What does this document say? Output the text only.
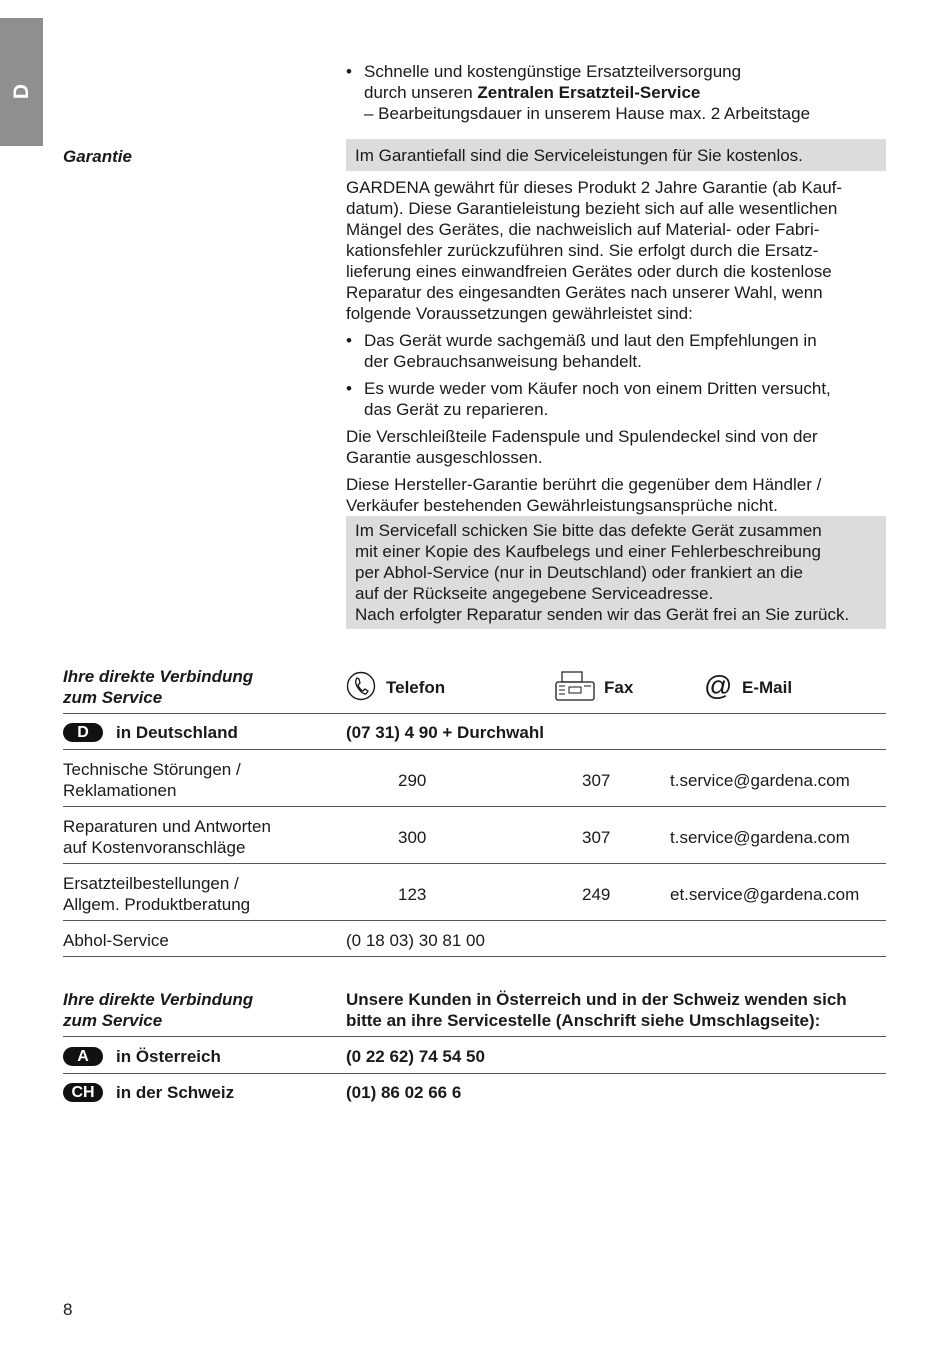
D
• Schnelle und kostengünstige Ersatzteilversorgung
durch unseren Zentralen Ersatzteil-Service
– Bearbeitungsdauer in unserem Hause max. 2 Arbeitstage
Garantie	Im Garantiefall sind die Serviceleistungen für Sie kostenlos.
GARDENA gewährt für dieses Produkt 2 Jahre Garantie (ab Kauf-
datum). Diese Garantieleistung bezieht sich auf alle wesentlichen
Mängel des Gerätes, die nachweislich auf Material- oder Fabri-
kationsfehler zurückzuführen sind. Sie erfolgt durch die Ersatz-
lieferung eines einwandfreien Gerätes oder durch die kostenlose
Reparatur des eingesandten Gerätes nach unserer Wahl, wenn
folgende Voraussetzungen gewährleistet sind:
• Das Gerät wurde sachgemäß und laut den Empfehlungen in
der Gebrauchsanweisung behandelt.
• Es wurde weder vom Käufer noch von einem Dritten versucht,
das Gerät zu reparieren.
Die Verschleißteile Fadenspule und Spulendeckel sind von der
Garantie ausgeschlossen.
Diese Hersteller-Garantie berührt die gegenüber dem Händler /
Verkäufer bestehenden Gewährleistungsansprüche nicht.
Im Servicefall schicken Sie bitte das defekte Gerät zusammen
mit einer Kopie des Kaufbelegs und einer Fehlerbeschreibung
per Abhol-Service (nur in Deutschland) oder frankiert an die
auf der Rückseite angegebene Serviceadresse.
Nach erfolgter Reparatur senden wir das Gerät frei an Sie zurück.
Ihre direkte Verbindung
zum Service
Telefon	Fax	@ E-Mail
D	in Deutschland	(07 31) 4 90 + Durchwahl
Technische Störungen /
Reklamationen
290	307	t.service@gardena.com
Reparaturen und Antworten
auf Kostenvoranschläge
300	307	t.service@gardena.com
Ersatzteilbestellungen /
Allgem. Produktberatung
123	249	et.service@gardena.com
Abhol-Service	(0 18 03) 30 81 00
Ihre direkte Verbindung
zum Service
Unsere Kunden in Österreich und in der Schweiz wenden sich
bitte an ihre Servicestelle (Anschrift siehe Umschlagseite):
A	in Österreich	(0 22 62) 74 54 50
CH	in der Schweiz	(01) 86 02 66 6
8
